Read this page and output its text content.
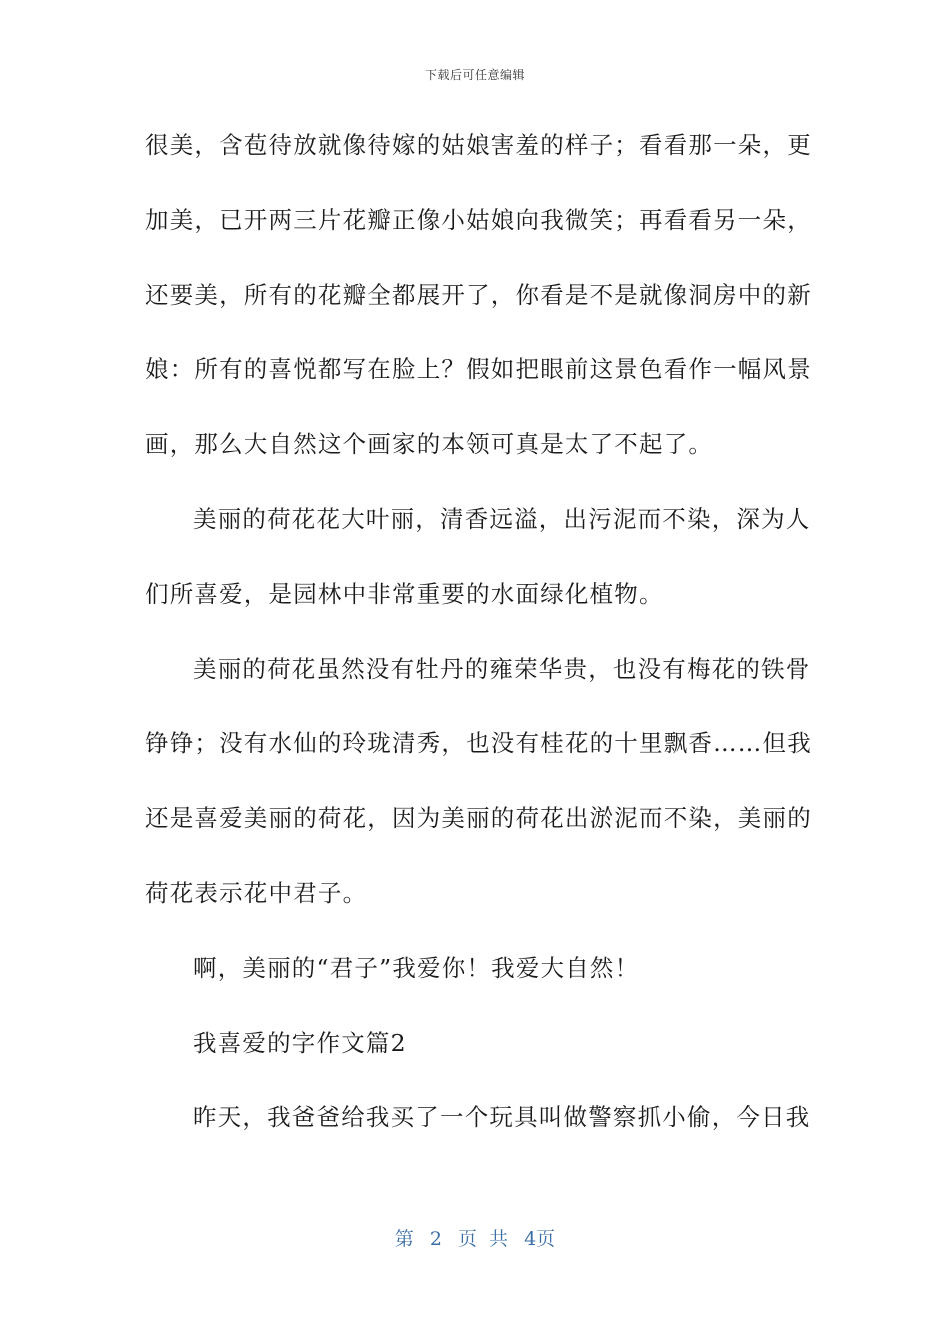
下载后可任意编辑
很美，含苞待放就像待嫁的姑娘害羞的样子；看看那一朵，更
加美，已开两三片花瓣正像小姑娘向我微笑；再看看另一朵，
还要美，所有的花瓣全都展开了，你看是不是就像洞房中的新
娘：所有的喜悦都写在脸上？假如把眼前这景色看作一幅风景
画，那么大自然这个画家的本领可真是太了不起了。
美丽的荷花花大叶丽，清香远溢，出污泥而不染，深为人
们所喜爱，是园林中非常重要的水面绿化植物。
美丽的荷花虽然没有牡丹的雍荣华贵，也没有梅花的铁骨
铮铮；没有水仙的玲珑清秀，也没有桂花的十里飘香……但我
还是喜爱美丽的荷花，因为美丽的荷花出淤泥而不染，美丽的
荷花表示花中君子。
啊，美丽的“君子”我爱你！我爱大自然！
我喜爱的字作文篇2
昨天，我爸爸给我买了一个玩具叫做警察抓小偷，今日我
第 2 页 共 4页
